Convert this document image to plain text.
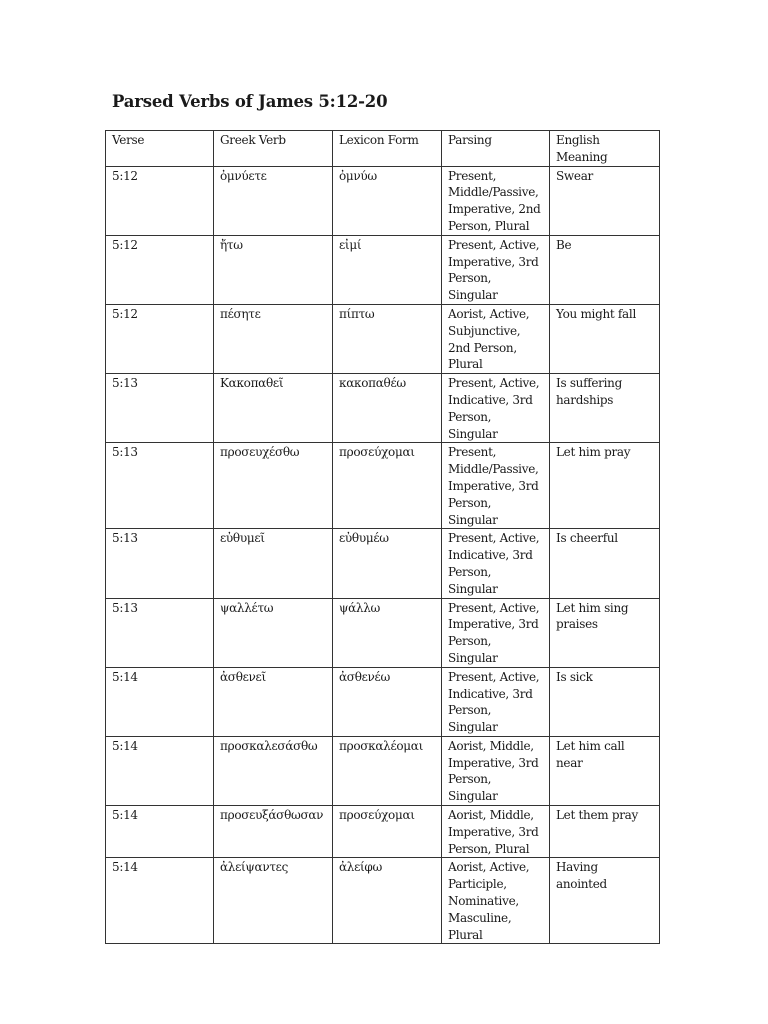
Parsed Verbs of James 5:12-20
Verse	Greek Verb	Lexicon Form	Parsing	English
Meaning
5:12	ὀμνύετε	ὀμνύω	Present,
Middle/Passive,
Imperative, 2nd
Person, Plural	Swear
5:12	ἤτω	εἰμί	Present, Active,
Imperative, 3rd
Person,
Singular	Be
5:12	πέσητε	πίπτω	Aorist, Active,
Subjunctive,
2nd Person,
Plural	You might fall
5:13	Κακοπαθεῖ	κακοπαθέω	Present, Active,
Indicative, 3rd
Person,
Singular	Is suffering
hardships
5:13	προσευχέσθω	προσεύχομαι	Present,
Middle/Passive,
Imperative, 3rd
Person,
Singular	Let him pray
5:13	εὐθυμεῖ	εὐθυμέω	Present, Active,
Indicative, 3rd
Person,
Singular	Is cheerful
5:13	ψαλλέτω	ψάλλω	Present, Active,
Imperative, 3rd
Person,
Singular	Let him sing
praises
5:14	ἀσθενεῖ	ἀσθενέω	Present, Active,
Indicative, 3rd
Person,
Singular	Is sick
5:14	προσκαλεσάσθω	προσκαλέομαι	Aorist, Middle,
Imperative, 3rd
Person,
Singular	Let him call
near
5:14	προσευξάσθωσαν	προσεύχομαι	Aorist, Middle,
Imperative, 3rd
Person, Plural	Let them pray
5:14	ἀλείψαντες	ἀλείφω	Aorist, Active,
Participle,
Nominative,
Masculine,
Plural	Having
anointed
